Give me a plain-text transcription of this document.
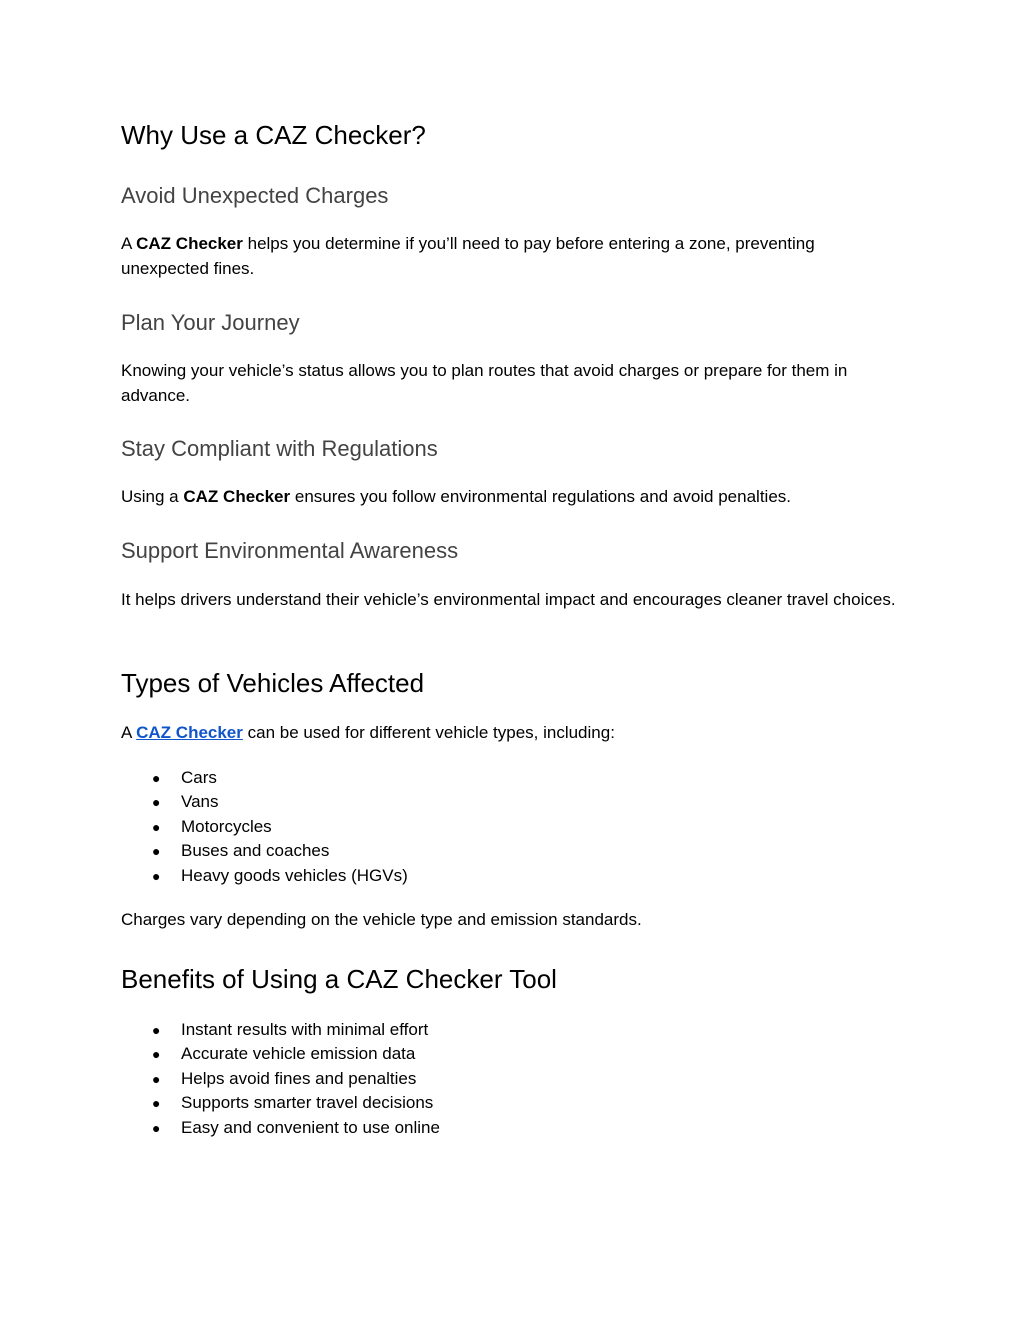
Why Use a CAZ Checker?
Avoid Unexpected Charges

A CAZ Checker helps you determine if you’ll need to pay before entering a zone, preventing unexpected fines.

Plan Your Journey

Knowing your vehicle’s status allows you to plan routes that avoid charges or prepare for them in advance.

Stay Compliant with Regulations

Using a CAZ Checker ensures you follow environmental regulations and avoid penalties.

Support Environmental Awareness

It helps drivers understand their vehicle’s environmental impact and encourages cleaner travel choices.

Types of Vehicles Affected

A CAZ Checker can be used for different vehicle types, including:

● Cars
● Vans
● Motorcycles
● Buses and coaches
● Heavy goods vehicles (HGVs)

Charges vary depending on the vehicle type and emission standards.

Benefits of Using a CAZ Checker Tool
● Instant results with minimal effort
● Accurate vehicle emission data
● Helps avoid fines and penalties
● Supports smarter travel decisions
● Easy and convenient to use online
